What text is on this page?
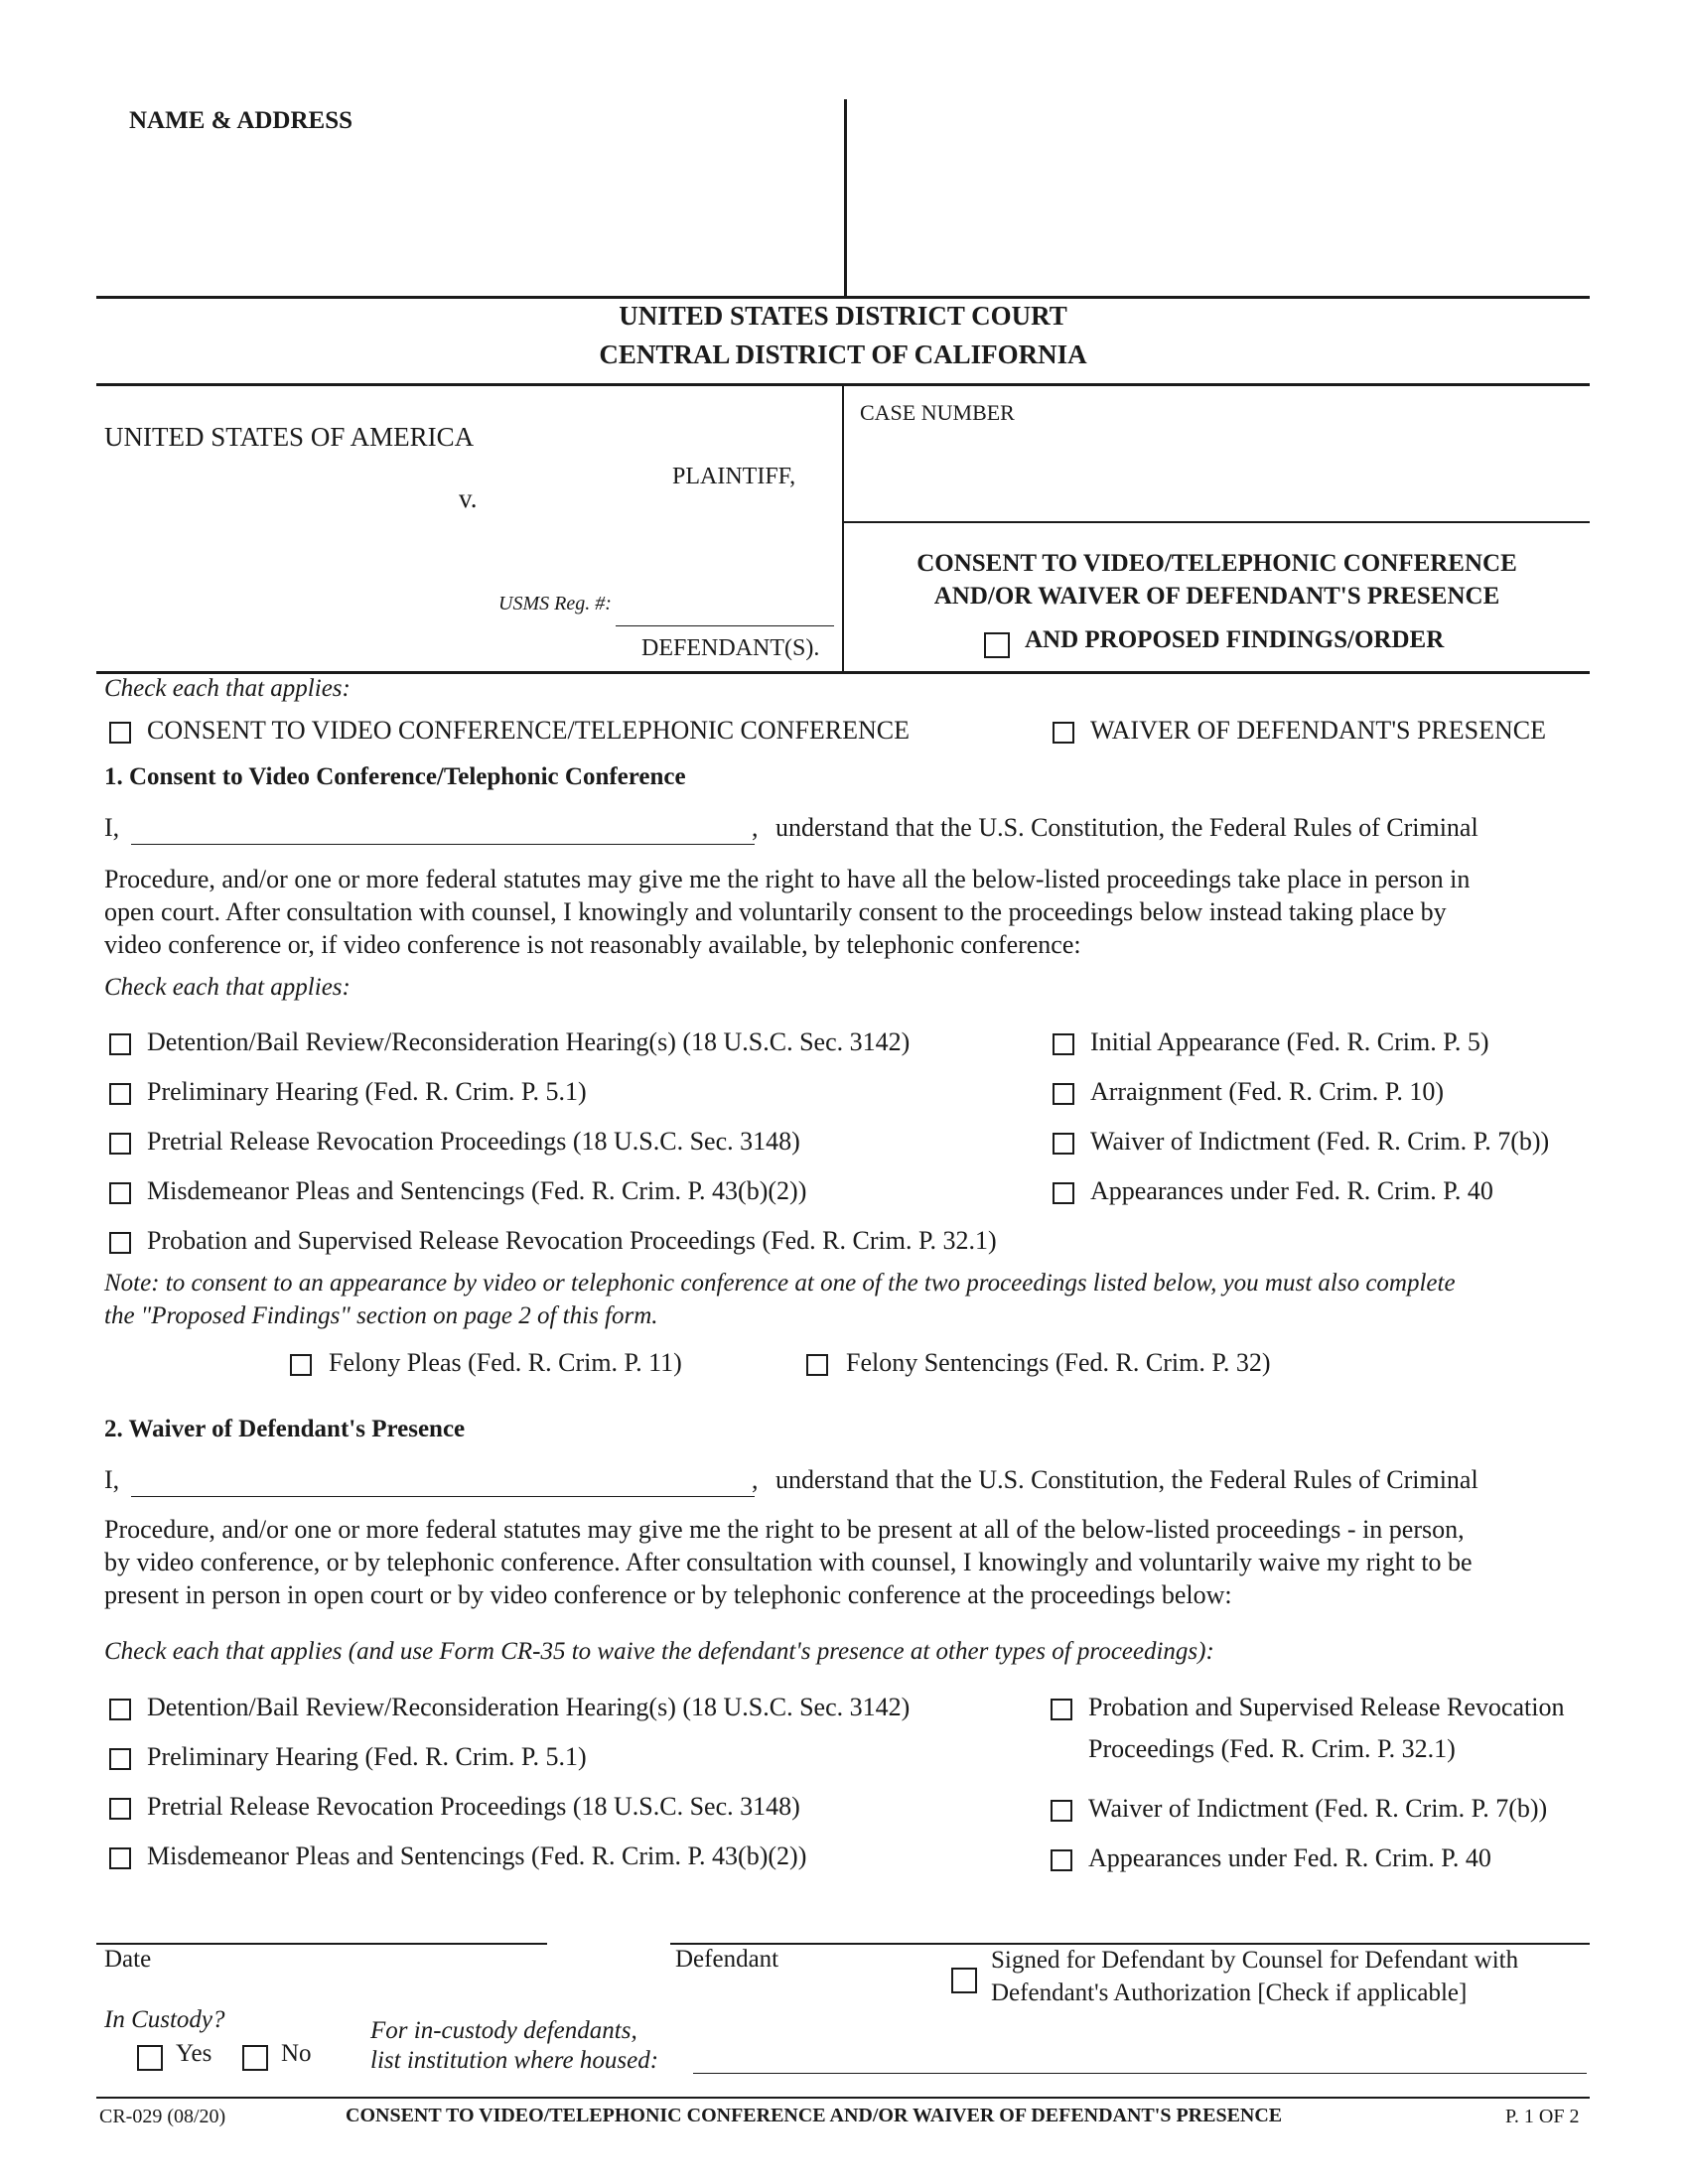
NAME & ADDRESS
UNITED STATES DISTRICT COURT
CENTRAL DISTRICT OF CALIFORNIA
UNITED STATES OF AMERICA
PLAINTIFF,
v.
USMS Reg. #:
DEFENDANT(S).
CASE NUMBER
CONSENT TO VIDEO/TELEPHONIC CONFERENCE
AND/OR WAIVER OF DEFENDANT'S PRESENCE
AND PROPOSED FINDINGS/ORDER
Check each that applies:
CONSENT TO VIDEO CONFERENCE/TELEPHONIC CONFERENCE	WAIVER OF DEFENDANT'S PRESENCE
1. Consent to Video Conference/Telephonic Conference
I,	, understand that the U.S. Constitution, the Federal Rules of Criminal
Procedure, and/or one or more federal statutes may give me the right to have all the below-listed proceedings take place in person in
open court. After consultation with counsel, I knowingly and voluntarily consent to the proceedings below instead taking place by
video conference or, if video conference is not reasonably available, by telephonic conference:
Check each that applies:
Detention/Bail Review/Reconsideration Hearing(s) (18 U.S.C. Sec. 3142)
Preliminary Hearing (Fed. R. Crim. P. 5.1)
Pretrial Release Revocation Proceedings (18 U.S.C. Sec. 3148)
Misdemeanor Pleas and Sentencings (Fed. R. Crim. P. 43(b)(2))
Probation and Supervised Release Revocation Proceedings (Fed. R. Crim. P. 32.1)
Initial Appearance (Fed. R. Crim. P. 5)
Arraignment (Fed. R. Crim. P. 10)
Waiver of Indictment (Fed. R. Crim. P. 7(b))
Appearances under Fed. R. Crim. P. 40
Note: to consent to an appearance by video or telephonic conference at one of the two proceedings listed below, you must also complete
the "Proposed Findings" section on page 2 of this form.
Felony Pleas (Fed. R. Crim. P. 11)	Felony Sentencings (Fed. R. Crim. P. 32)
2. Waiver of Defendant's Presence
I,	, understand that the U.S. Constitution, the Federal Rules of Criminal
Procedure, and/or one or more federal statutes may give me the right to be present at all of the below-listed proceedings - in person,
by video conference, or by telephonic conference. After consultation with counsel, I knowingly and voluntarily waive my right to be
present in person in open court or by video conference or by telephonic conference at the proceedings below:
Check each that applies (and use Form CR-35 to waive the defendant's presence at other types of proceedings):
Detention/Bail Review/Reconsideration Hearing(s) (18 U.S.C. Sec. 3142)
Preliminary Hearing (Fed. R. Crim. P. 5.1)
Pretrial Release Revocation Proceedings (18 U.S.C. Sec. 3148)
Misdemeanor Pleas and Sentencings (Fed. R. Crim. P. 43(b)(2))
Probation and Supervised Release Revocation
Proceedings (Fed. R. Crim. P. 32.1)
Waiver of Indictment (Fed. R. Crim. P. 7(b))
Appearances under Fed. R. Crim. P. 40
Date	Defendant	Signed for Defendant by Counsel for Defendant with
Defendant's Authorization [Check if applicable]
In Custody?
Yes	No
For in-custody defendants,
list institution where housed:
CR-029 (08/20)	CONSENT TO VIDEO/TELEPHONIC CONFERENCE AND/OR WAIVER OF DEFENDANT'S PRESENCE	P. 1 OF 2
